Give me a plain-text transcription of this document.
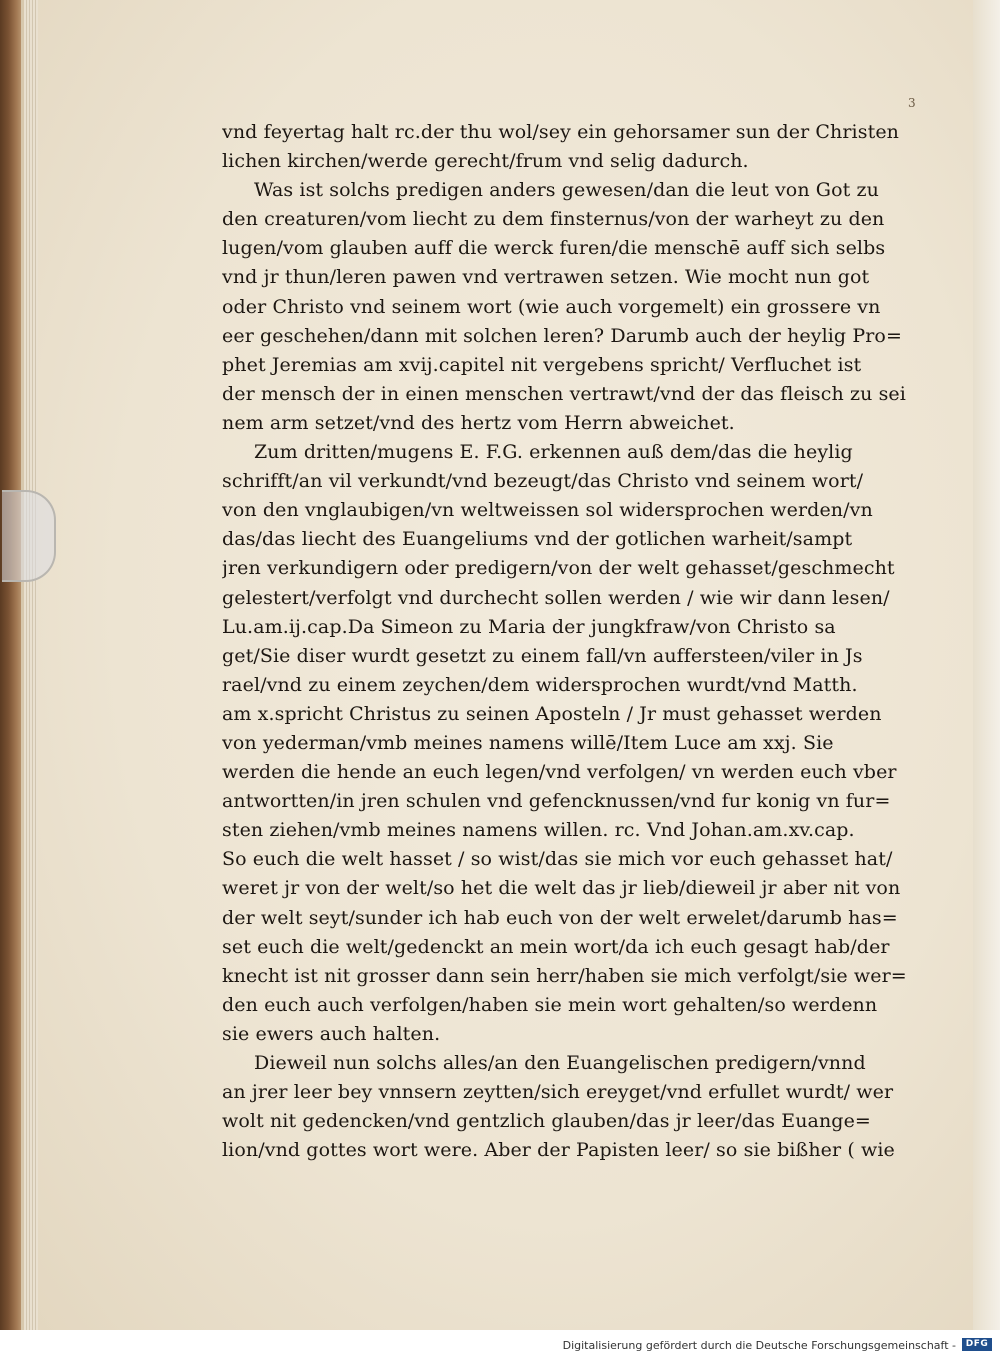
3
vnd feyertag halt rc.der thu wol/sey ein gehorsamer sun der Christen
lichen kirchen/werde gerecht/frum vnd selig dadurch.
Was ist solchs predigen anders gewesen/dan die leut von Got zu
den creaturen/vom liecht zu dem finsternus/von der warheyt zu den
lugen/vom glauben auff die werck furen/die menschē auff sich selbs
vnd jr thun/leren pawen vnd vertrawen setzen. Wie mocht nun got
oder Christo vnd seinem wort (wie auch vorgemelt) ein grossere vn
eer geschehen/dann mit solchen leren? Darumb auch der heylig Pro=
phet Jeremias am xvij.capitel nit vergebens spricht/ Verfluchet ist
der mensch der in einen menschen vertrawt/vnd der das fleisch zu sei
nem arm setzet/vnd des hertz vom Herrn abweichet.
Zum dritten/mugens E. F.G. erkennen auß dem/das die heylig
schrifft/an vil verkundt/vnd bezeugt/das Christo vnd seinem wort/
von den vnglaubigen/vn weltweissen sol widersprochen werden/vn
das/das liecht des Euangeliums vnd der gotlichen warheit/sampt
jren verkundigern oder predigern/von der welt gehasset/geschmecht
gelestert/verfolgt vnd durchecht sollen werden / wie wir dann lesen/
Lu.am.ij.cap.Da Simeon zu Maria der jungkfraw/von Christo sa
get/Sie diser wurdt gesetzt zu einem fall/vn auffersteen/viler in Js
rael/vnd zu einem zeychen/dem widersprochen wurdt/vnd Matth.
am x.spricht Christus zu seinen Aposteln / Jr must gehasset werden
von yederman/vmb meines namens willē/Item Luce am xxj. Sie
werden die hende an euch legen/vnd verfolgen/ vn werden euch vber
antwortten/in jren schulen vnd gefencknussen/vnd fur konig vn fur=
sten ziehen/vmb meines namens willen. rc. Vnd Johan.am.xv.cap.
So euch die welt hasset / so wist/das sie mich vor euch gehasset hat/
weret jr von der welt/so het die welt das jr lieb/dieweil jr aber nit von
der welt seyt/sunder ich hab euch von der welt erwelet/darumb has=
set euch die welt/gedenckt an mein wort/da ich euch gesagt hab/der
knecht ist nit grosser dann sein herr/haben sie mich verfolgt/sie wer=
den euch auch verfolgen/haben sie mein wort gehalten/so werdenn
sie ewers auch halten.
Dieweil nun solchs alles/an den Euangelischen predigern/vnnd
an jrer leer bey vnnsern zeytten/sich ereyget/vnd erfullet wurdt/ wer
wolt nit gedencken/vnd gentzlich glauben/das jr leer/das Euange=
lion/vnd gottes wort were. Aber der Papisten leer/ so sie bißher ( wie
Digitalisierung gefördert durch die Deutsche Forschungsgemeinschaft -	DFG
